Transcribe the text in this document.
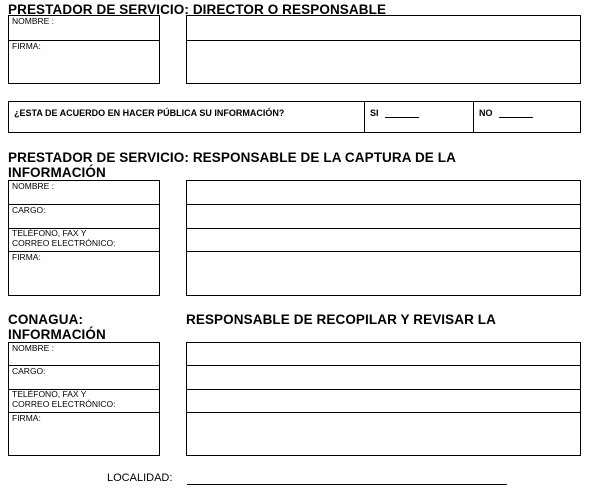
PRESTADOR DE SERVICIO: DIRECTOR O RESPONSABLE
NOMBRE :
FIRMA:
¿ESTA DE ACUERDO EN HACER PÚBLICA SU INFORMACIÓN?	SI	NO
PRESTADOR DE SERVICIO: RESPONSABLE DE LA CAPTURA DE LA
INFORMACIÓN
NOMBRE :
CARGO:
TELÉFONO, FAX Y
CORREO ELECTRÓNICO:
FIRMA:
CONAGUA:
INFORMACIÓN
RESPONSABLE DE RECOPILAR Y REVISAR LA
NOMBRE :
CARGO:
TELÉFONO, FAX Y
CORREO ELECTRÓNICO:
FIRMA:
LOCALIDAD:
